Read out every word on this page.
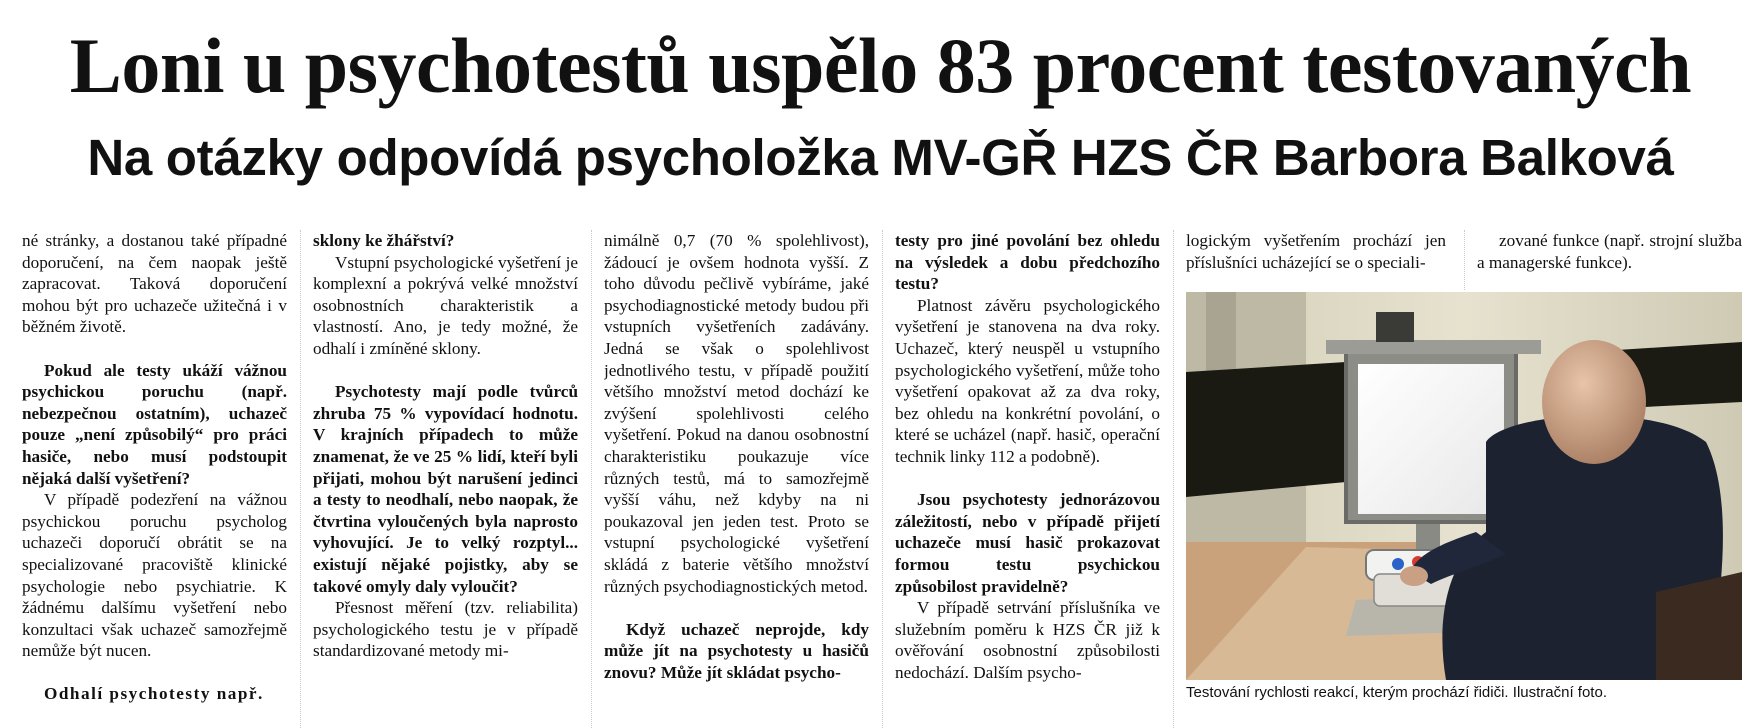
Loni u psychotestů uspělo 83 procent testovaných
Na otázky odpovídá psycholožka MV-GŘ HZS ČR Barbora Balková

né stránky, a dostanou také případné doporučení, na čem naopak ještě zapracovat. Taková doporučení mohou být pro uchazeče užitečná i v běžném životě.

Pokud ale testy ukáží vážnou psychickou poruchu (např. nebezpečnou ostatním), uchazeč pouze „není způsobilý“ pro práci hasiče, nebo musí podstoupit nějaká další vyšetření?

V případě podezření na vážnou psychickou poruchu psycholog uchazeči doporučí obrátit se na specializované pracoviště klinické psychologie nebo psychiatrie. K žádnému dalšímu vyšetření nebo konzultaci však uchazeč samozřejmě nemůže být nucen.

Odhalí psychotesty např.

sklony ke žhářství?

Vstupní psychologické vyšetření je komplexní a pokrývá velké množství osobnostních charakteristik a vlastností. Ano, je tedy možné, že odhalí i zmíněné sklony.

Psychotesty mají podle tvůrců zhruba 75 % vypovídací hodnotu. V krajních případech to může znamenat, že ve 25 % lidí, kteří byli přijati, mohou být narušení jedinci a testy to neodhalí, nebo naopak, že čtvrtina vyloučených byla naprosto vyhovující. Je to velký rozptyl... existují nějaké pojistky, aby se takové omyly daly vyloučit?

Přesnost měření (tzv. reliabilita) psychologického testu je v případě standardizované metody mi-

nimálně 0,7 (70 % spolehlivost), žádoucí je ovšem hodnota vyšší. Z toho důvodu pečlivě vybíráme, jaké psychodiagnostické metody budou při vstupních vyšetřeních zadávány. Jedná se však o spolehlivost jednotlivého testu, v případě použití většího množství metod dochází ke zvýšení spolehlivosti celého vyšetření. Pokud na danou osobnostní charakteristiku poukazuje více různých testů, má to samozřejmě vyšší váhu, než kdyby na ni poukazoval jen jeden test. Proto se vstupní psychologické vyšetření skládá z baterie většího množství různých psychodiagnostických metod.

Když uchazeč neprojde, kdy může jít na psychotesty u hasičů znovu? Může jít skládat psycho-

testy pro jiné povolání bez ohledu na výsledek a dobu předchozího testu?

Platnost závěru psychologického vyšetření je stanovena na dva roky. Uchazeč, který neuspěl u vstupního psychologického vyšetření, může toho vyšetření opakovat až za dva roky, bez ohledu na konkrétní povolání, o které se ucházel (např. hasič, operační technik linky 112 a podobně).

Jsou psychotesty jednorázovou záležitostí, nebo v případě přijetí uchazeče musí hasič prokazovat formou testu psychickou způsobilost pravidelně?

V případě setrvání příslušníka ve služebním poměru k HZS ČR již k ověřování osobnostní způsobilosti nedochází. Dalším psycho-

logickým vyšetřením prochází jen příslušníci ucházející se o speciali-

zované funkce (např. strojní služba a managerské funkce).

Testování rychlosti reakcí, kterým prochází řidiči. Ilustrační foto.
